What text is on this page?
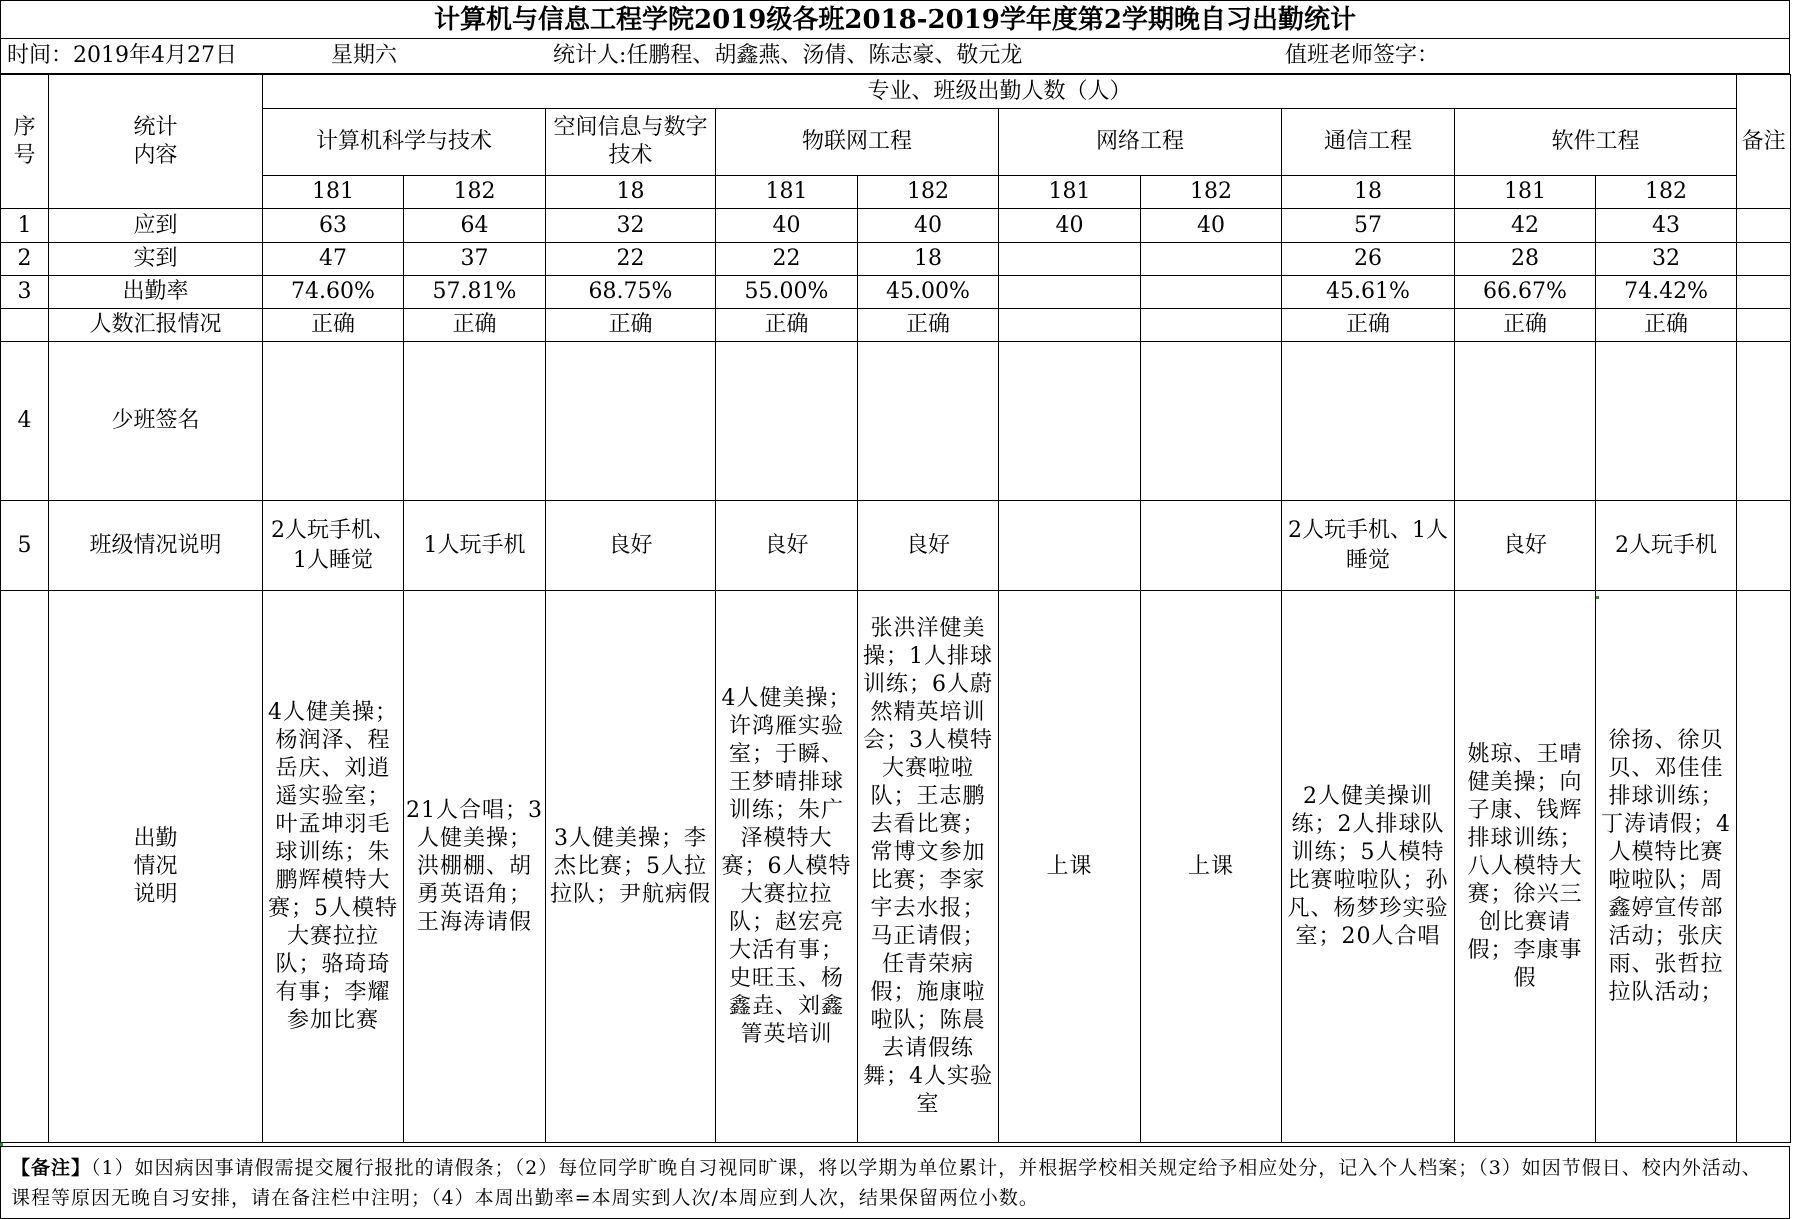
计算机与信息工程学院2019级各班2018-2019学年度第2学期晚自习出勤统计
时间：2019年4月27日	星期六	统计人:任鹏程、胡鑫燕、汤倩、陈志豪、敬元龙	值班老师签字：
序号	统计
内容	专业、班级出勤人数（人）										备注
		计算机科学与技术		空间信息与数字技术	物联网工程		网络工程		通信工程	软件工程		
		181	182	18	181	182	181	182	18	181	182	
1	应到	63	64	32	40	40	40	40	57	42	43	
2	实到	47	37	22	22	18			26	28	32	
3	出勤率	74.60%	57.81%	68.75%	55.00%	45.00%			45.61%	66.67%	74.42%	
	人数汇报情况	正确	正确	正确	正确	正确			正确	正确	正确	
4	少班签名											
5	班级情况说明	2人玩手机、1人睡觉	1人玩手机	良好	良好	良好			2人玩手机、1人睡觉	良好	2人玩手机	
	出勤情况说明	4人健美操；杨润泽、程岳庆、刘逍遥实验室；叶孟坤羽毛球训练；朱鹏辉模特大赛；5人模特大赛拉拉队；骆琦琦有事；李耀参加比赛	21人合唱；3人健美操；洪棚棚、胡勇英语角；王海涛请假	3人健美操；李杰比赛；5人拉拉队；尹航病假	4人健美操；许鸿雁实验室；于瞬、王梦晴排球训练；朱广泽模特大赛；6人模特大赛拉拉队；赵宏亮大活有事；史旺玉、杨鑫垚、刘鑫箐英培训	张洪洋健美操；1人排球训练；6人蔚然精英培训会；3人模特大赛啦啦队；王志鹏去看比赛；常博文参加比赛；李家宇去水报；马正请假；任青荣病假；施康啦啦队；陈晨去请假练舞；4人实验室	上课	上课	2人健美操训练；2人排球队训练；5人模特比赛啦啦队；孙凡、杨梦珍实验室；20人合唱	姚琼、王晴健美操；向子康、钱辉排球训练；八人模特大赛；徐兴三创比赛请假；李康事假	徐扬、徐贝贝、邓佳佳排球训练；丁涛请假；4人模特比赛啦啦队；周鑫婷宣传部活动；张庆雨、张哲拉拉队活动；	
【备注】（1）如因病因事请假需提交履行报批的请假条；（2）每位同学旷晚自习视同旷课，将以学期为单位累计，并根据学校相关规定给予相应处分，记入个人档案；（3）如因节假日、校内外活动、课程等原因无晚自习安排，请在备注栏中注明；（4）本周出勤率=本周实到人次/本周应到人次，结果保留两位小数。
